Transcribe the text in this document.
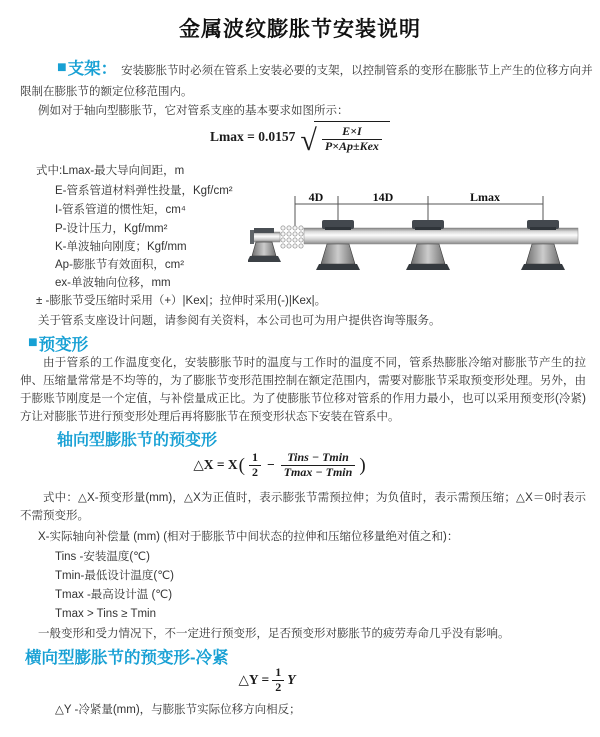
金属波纹膨胀节安装说明
■ 支架： 安装膨胀节时必须在管系上安装必要的支架，以控制管系的变形在膨胀节上产生的位移方向并
限制在膨胀节的额定位移范围内。
例如对于轴向型膨胀节，它对管系支座的基本要求如图所示：
Lmax = 0.0157 √ $\frac{E\times I}{\text{P×Ap±Kex}}$
式中:Lmax-最大导向间距，m
E-管系管道材料弹性投量，Kgf/cm²
I-管系管道的惯性矩，cm⁴
P-设计压力，Kgf/mm²
K-单波轴向刚度；Kgf/mm
Ap-膨胀节有效面积，cm²
ex-单波轴向位移，mm
± -膨胀节受压缩时采用（+）|Kex|；拉伸时采用(-)|Kex|。
关于管系支座设计问题，请参阅有关资料，本公司也可为用户提供咨询等服务。
4D	14D	Lmax
■ 预变形
由于管系的工作温度变化，安装膨胀节时的温度与工作时的温度不同，管系热膨胀冷缩对膨胀节产生的拉伸、压缩量常常是不均等的，为了膨胀节变形范围控制在额定范围内，需要对膨胀节采取预变形处理。另外，由于膨账节刚度是一个定值，与补偿量成正比。为了使膨胀节位移对管系的作用力最小，也可以采用预变形(冷紧)方让对膨胀节进行预变形处理后再将膨胀节在预变形状态下安装在管系中。
轴向型膨胀节的预变形
△X = X ( $\frac{1}{2} - \frac{\text{Tins − Tmin}}{Tmax - Tmin}$ )
式中：△X-预变形量(mm)，△X为正值时，表示膨张节需预拉伸；为负值时，表示需预压缩；△X＝0时表示不需预变形。
X-实际轴向补偿量 (mm) (相对于膨胀节中间状态的拉伸和压缩位移量绝对值之和)：
Tins -安装温度(℃)
Tmin-最低设计温度(℃)
Tmax -最高设计温 (℃)
Tmax > Tins ≥ Tmin
一般变形和受力情况下，不一定进行预变形，足否预变形对膨胀节的疲劳寿命几乎没有影响。
横向型膨胀节的预变形-冷紧
△Y = $\frac{1}{2}$ Y
△Y -冷紧量(mm)，与膨胀节实际位移方向相反；
